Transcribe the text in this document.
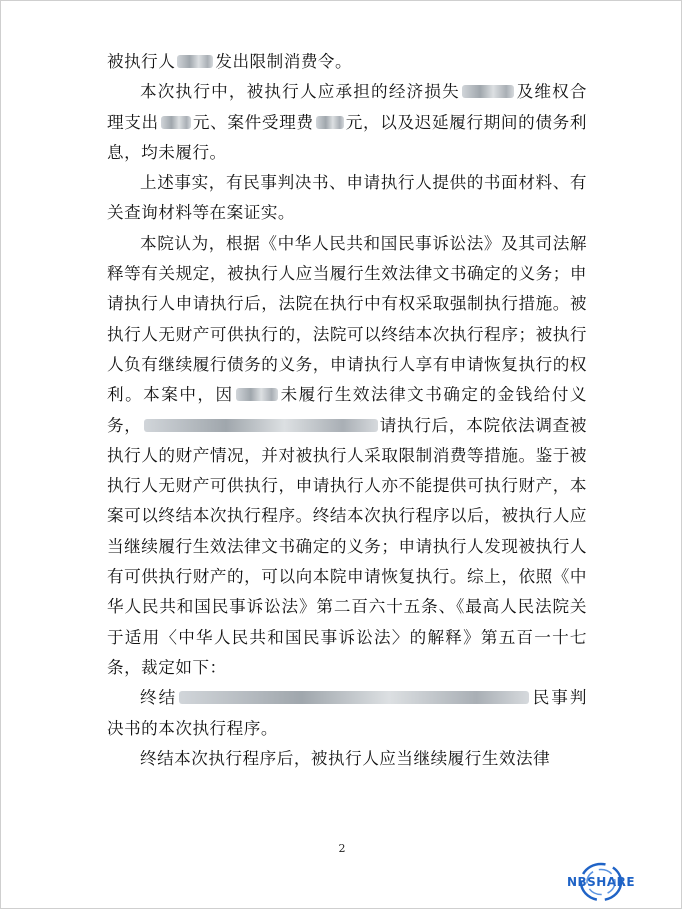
被执行人 发出限制消费令。

本次执行中，被执行人应承担的经济损失	及维权合理支出 元、案件受理费 元，以及迟延履行期间的债务利息，均未履行。

上述事实，有民事判决书、申请执行人提供的书面材料、有关查询材料等在案证实。

本院认为，根据《中华人民共和国民事诉讼法》及其司法解释等有关规定，被执行人应当履行生效法律文书确定的义务；申请执行人申请执行后，法院在执行中有权采取强制执行措施。被执行人无财产可供执行的，法院可以终结本次执行程序；被执行人负有继续履行债务的义务，申请执行人享有申请恢复执行的权利。本案中，因	未履行生效法律文书确定的金钱给付义务，	请执行后，本院依法调查被执行人的财产情况，并对被执行人采取限制消费等措施。鉴于被执行人无财产可供执行，申请执行人亦不能提供可执行财产，本案可以终结本次执行程序。终结本次执行程序以后，被执行人应当继续履行生效法律文书确定的义务；申请执行人发现被执行人有可供执行财产的，可以向本院申请恢复执行。综上，依照《中华人民共和国民事诉讼法》第二百六十五条、《最高人民法院关于适用〈中华人民共和国民事诉讼法〉的解释》第五百一十七条，裁定如下：

终结	民事判决书的本次执行程序。

终结本次执行程序后，被执行人应当继续履行生效法律

2
NBSHARE
